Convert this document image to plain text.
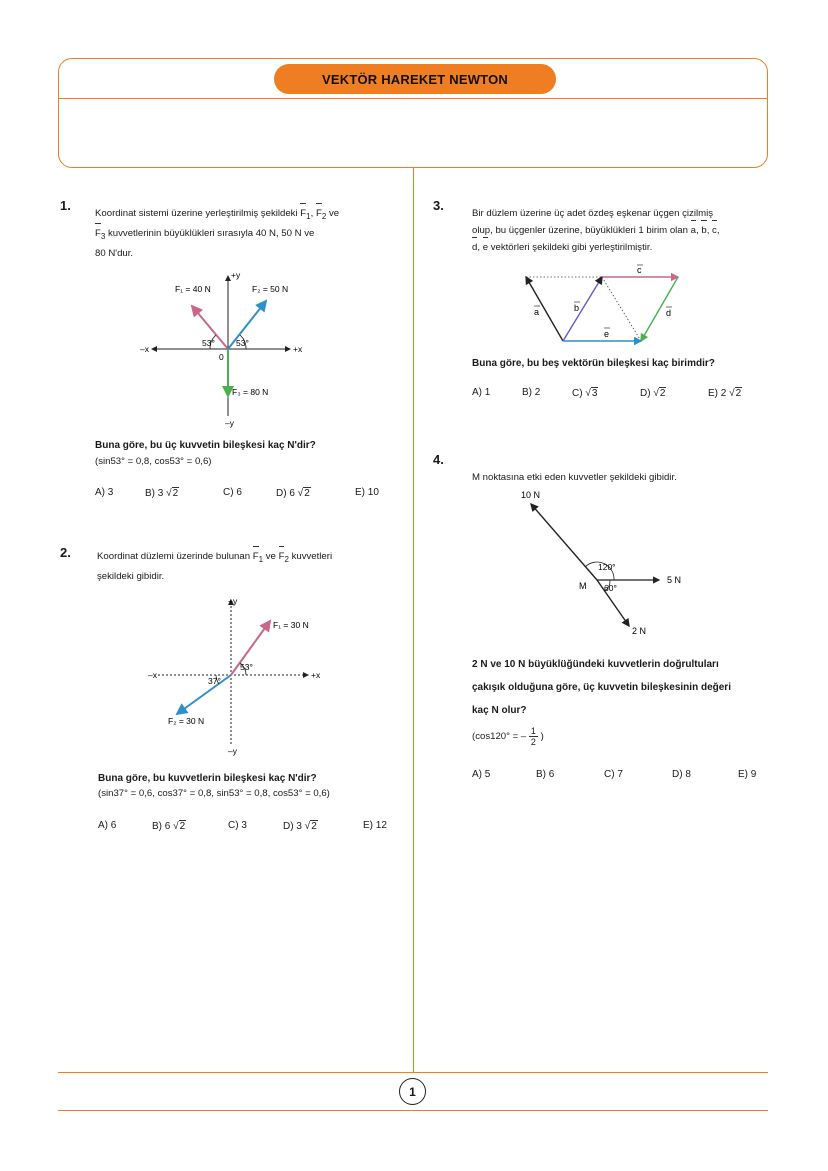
VEKTÖR HAREKET NEWTON
1.
Koordinat sistemi üzerine yerleştirilmiş şekildeki $F_1$, $F_2$ ve
$F_3$ kuvvetlerinin büyüklükleri sırasıyla 40 N, 50 N ve
80 N'dur.
F₁ = 40 N	F₂ = 50 N
F₃ = 80 N
+y
–y
+x
–x
0
53° 53°
Buna göre, bu üç kuvvetin bileşkesi kaç N'dir?
(sin53° = 0,8, cos53° = 0,6)
A) 3	B) 3 √2	C) 6	D) 6 √2	E) 10
2.	Koordinat düzlemi üzerinde bulunan $F_1$ ve $F_2$ kuvvetleri
şekildeki gibidir.
F₁ = 30 N
F₂ = 30 N
+y
–y
+x
–x
53°
37°
Buna göre, bu kuvvetlerin bileşkesi kaç N'dir?
(sin37° = 0,6, cos37° = 0,8, sin53° = 0,8, cos53° = 0,6)
A) 6	B) 6 √2	C) 3	D) 3 √2	E) 12
3.
Bir düzlem üzerine üç adet özdeş eşkenar üçgen çizilmiş
olup, bu üçgenler üzerine, büyüklükleri 1 birim olan a, b, c,
d, e vektörleri şekildeki gibi yerleştirilmiştir.
a	b
c
d
e
Buna göre, bu beş vektörün bileşkesi kaç birimdir?
A) 1	B) 2	C) √3	D) √2	E) 2 √2
4.
M noktasına etki eden kuvvetler şekildeki gibidir.
10 N
5 N
2 N
M
120°
60°
2 N ve 10 N büyüklüğündeki kuvvetlerin doğrultuları
çakışık olduğuna göre, üç kuvvetin bileşkesinin değeri
kaç N olur?
(cos120° = – $\frac{1}{2}$ )
A) 5	B) 6	C) 7	D) 8	E) 9
1
